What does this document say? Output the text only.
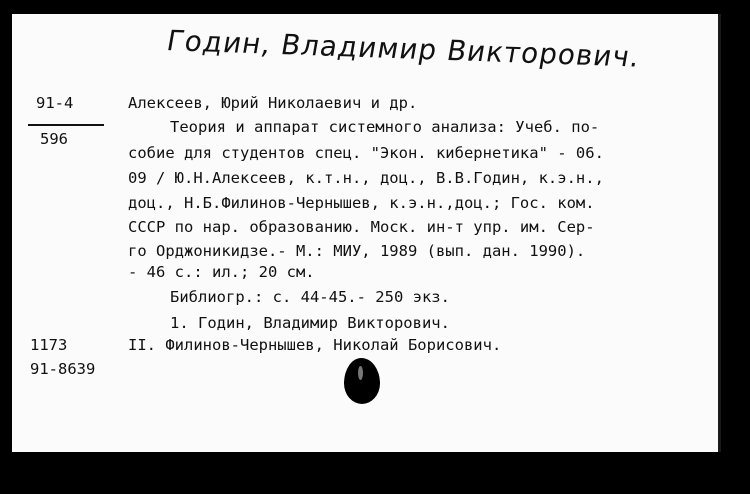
Годин, Владимир Викторович.
91-4
596
Алексеев, Юрий Николаевич и др.
Теория и аппарат системного анализа: Учеб. по-
собие для студентов спец. "Экон. кибернетика" - 06.
09 / Ю.Н.Алексеев, к.т.н., доц., В.В.Годин, к.э.н.,
доц., Н.Б.Филинов-Чернышев, к.э.н.,доц.; Гос. ком.
СССР по нар. образованию. Моск. ин-т упр. им. Сер-
го Орджоникидзе.- М.: МИУ, 1989 (вып. дан. 1990).
- 46 с.: ил.; 20 см.
Библиогр.: с. 44-45.- 250 экз.
1. Годин, Владимир Викторович.
1173	II. Филинов-Чернышев, Николай Борисович.
91-8639
